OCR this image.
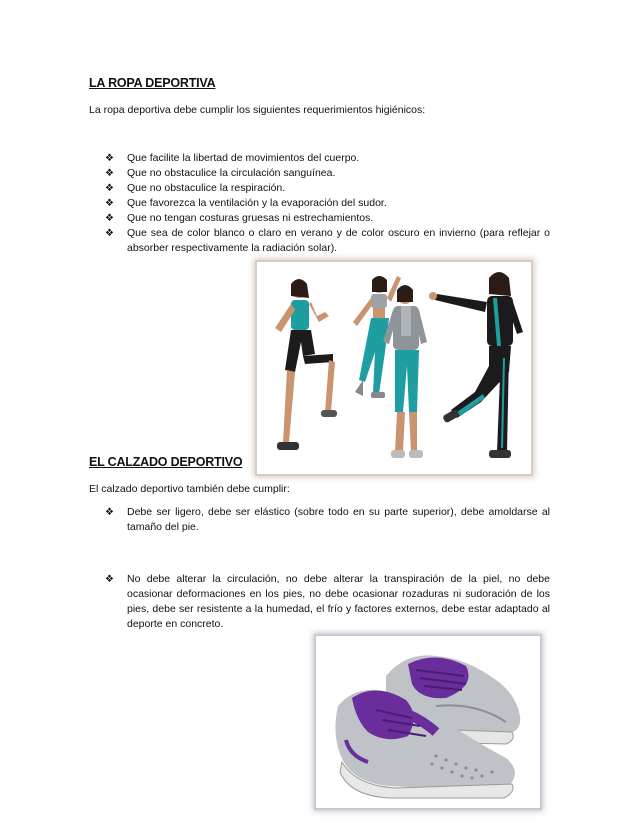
LA ROPA DEPORTIVA
La ropa deportiva debe cumplir los siguientes requerimientos higiénicos:
❖ Que facilite la libertad de movimientos del cuerpo.
❖ Que no obstaculice la circulación sanguínea.
❖ Que no obstaculice la respiración.
❖ Que favorezca la ventilación y la evaporación del sudor.
❖ Que no tengan costuras gruesas ni estrechamientos.
❖ Que sea de color blanco o claro en verano y de color oscuro en invierno (para reflejar o absorber respectivamente la radiación solar).
EL CALZADO DEPORTIVO
El calzado deportivo también debe cumplir:
❖ Debe ser ligero, debe ser elástico (sobre todo en su parte superior), debe amoldarse al tamaño del pie.
❖ No debe alterar la circulación, no debe alterar la transpiración de la piel, no debe ocasionar deformaciones en los pies, no debe ocasionar rozaduras ni sudoración de los pies, debe ser resistente a la humedad, el frío y factores externos, debe estar adaptado al deporte en concreto.
